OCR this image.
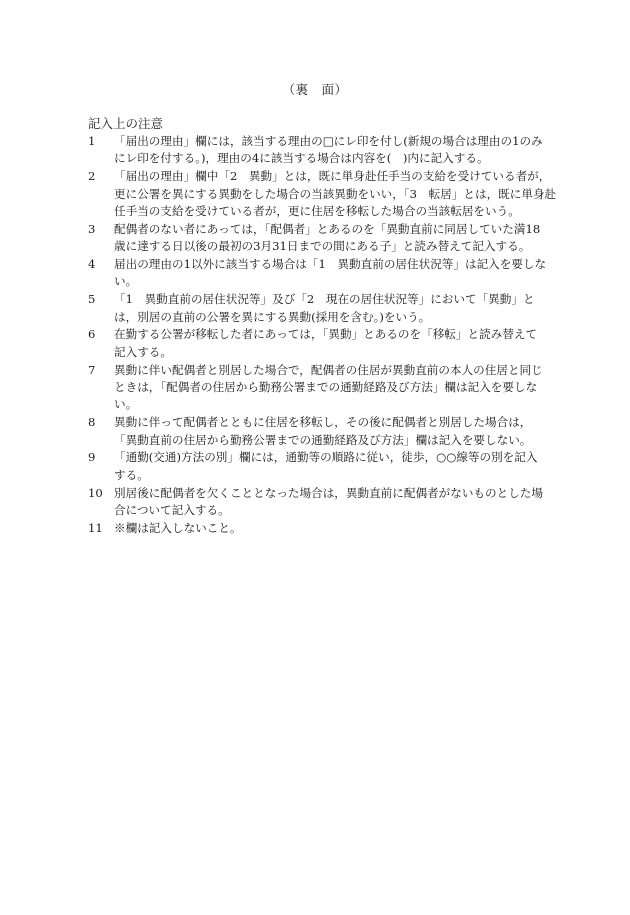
（裏　面）
記入上の注意
1	「届出の理由」欄には，該当する理由の□にレ印を付し(新規の場合は理由の1のみ
にレ印を付する。)，理由の4に該当する場合は内容を(　)内に記入する。
2	「届出の理由」欄中「2　異動」とは，既に単身赴任手当の支給を受けている者が，
更に公署を異にする異動をした場合の当該異動をいい，「3　転居」とは，既に単身赴
任手当の支給を受けている者が，更に住居を移転した場合の当該転居をいう。
3	配偶者のない者にあっては，「配偶者」とあるのを「異動直前に同居していた満18
歳に達する日以後の最初の3月31日までの間にある子」と読み替えて記入する。
4	届出の理由の1以外に該当する場合は「1　異動直前の居住状況等」は記入を要しな
い。
5	「1　異動直前の居住状況等」及び「2　現在の居住状況等」において「異動」と
は，別居の直前の公署を異にする異動(採用を含む。)をいう。
6	在勤する公署が移転した者にあっては，「異動」とあるのを「移転」と読み替えて
記入する。
7	異動に伴い配偶者と別居した場合で，配偶者の住居が異動直前の本人の住居と同じ
ときは，「配偶者の住居から勤務公署までの通勤経路及び方法」欄は記入を要しな
い。
8	異動に伴って配偶者とともに住居を移転し，その後に配偶者と別居した場合は，
「異動直前の住居から勤務公署までの通勤経路及び方法」欄は記入を要しない。
9	「通勤(交通)方法の別」欄には，通勤等の順路に従い，徒歩，○○線等の別を記入
する。
10 別居後に配偶者を欠くこととなった場合は，異動直前に配偶者がないものとした場
合について記入する。
11 ※欄は記入しないこと。
